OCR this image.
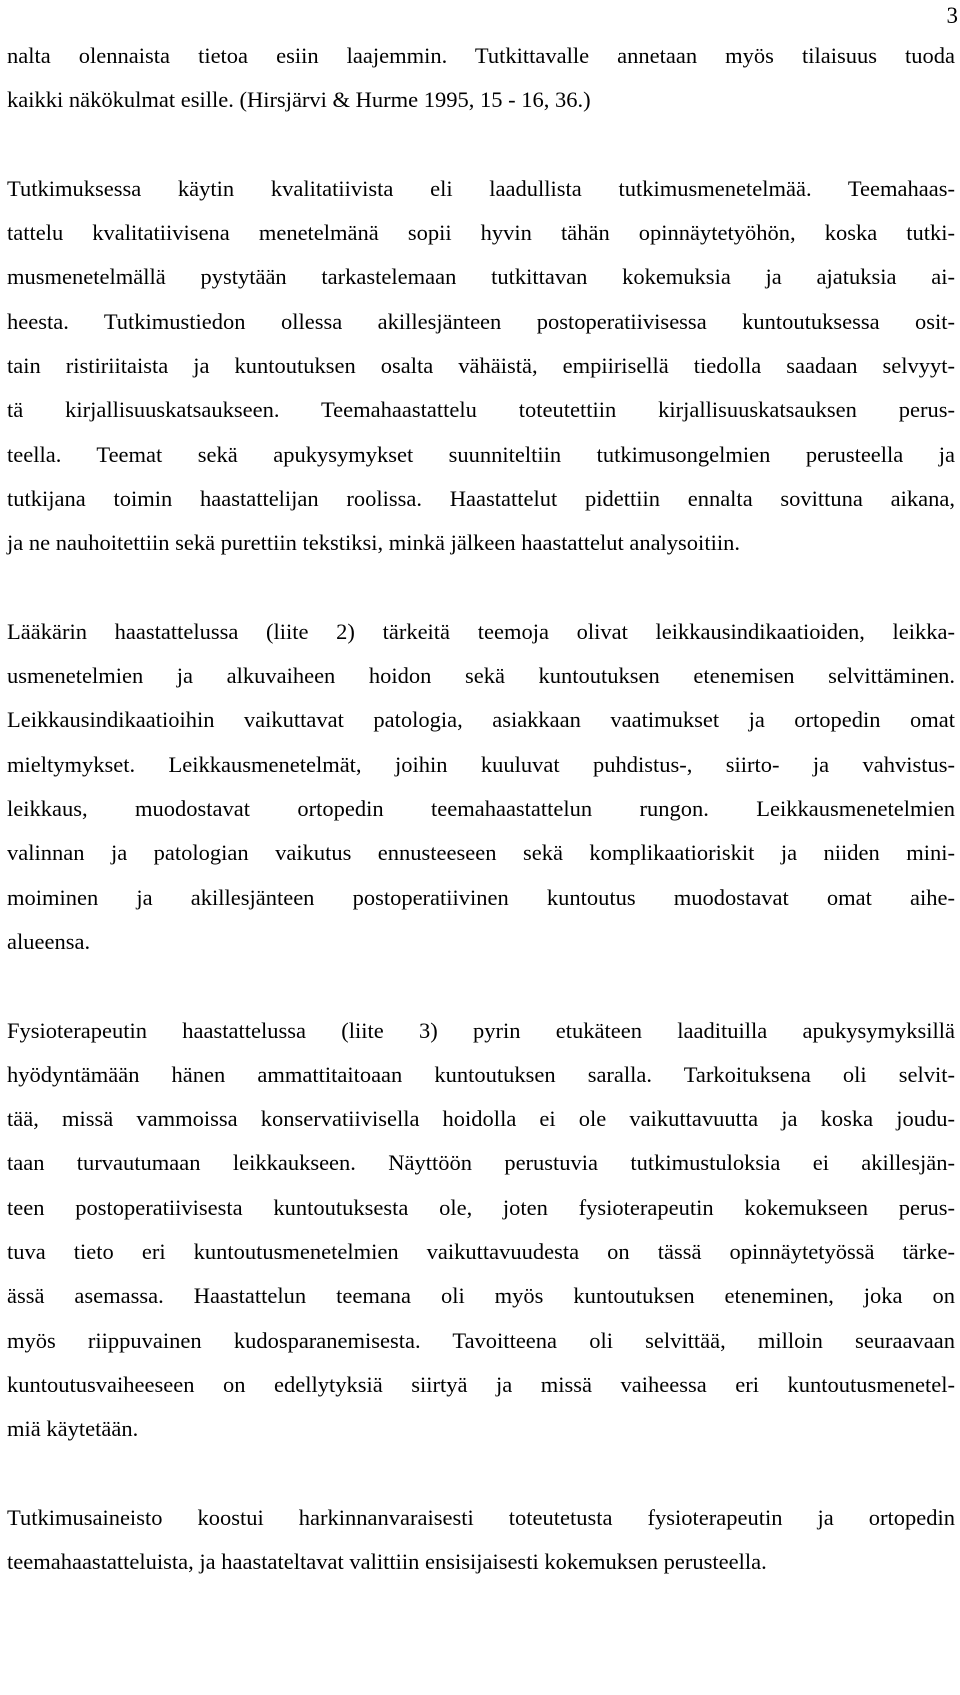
3
nalta olennaista tietoa esiin laajemmin. Tutkittavalle annetaan myös tilaisuus tuoda
kaikki näkökulmat esille. (Hirsjärvi & Hurme 1995, 15 - 16, 36.)
Tutkimuksessa käytin kvalitatiivista eli laadullista tutkimusmenetelmää. Teemahaas-
tattelu kvalitatiivisena menetelmänä sopii hyvin tähän opinnäytetyöhön, koska tutki-
musmenetelmällä pystytään tarkastelemaan tutkittavan kokemuksia ja ajatuksia ai-
heesta. Tutkimustiedon ollessa akillesjänteen postoperatiivisessa kuntoutuksessa osit-
tain ristiriitaista ja kuntoutuksen osalta vähäistä, empiirisellä tiedolla saadaan selvyyt-
tä kirjallisuuskatsaukseen. Teemahaastattelu toteutettiin kirjallisuuskatsauksen perus-
teella. Teemat sekä apukysymykset suunniteltiin tutkimusongelmien perusteella ja
tutkijana toimin haastattelijan roolissa. Haastattelut pidettiin ennalta sovittuna aikana,
ja ne nauhoitettiin sekä purettiin tekstiksi, minkä jälkeen haastattelut analysoitiin.
Lääkärin haastattelussa (liite 2) tärkeitä teemoja olivat leikkausindikaatioiden, leikka-
usmenetelmien ja alkuvaiheen hoidon sekä kuntoutuksen etenemisen selvittäminen.
Leikkausindikaatioihin vaikuttavat patologia, asiakkaan vaatimukset ja ortopedin omat
mieltymykset. Leikkausmenetelmät, joihin kuuluvat puhdistus-, siirto- ja vahvistus-
leikkaus, muodostavat ortopedin teemahaastattelun rungon. Leikkausmenetelmien
valinnan ja patologian vaikutus ennusteeseen sekä komplikaatioriskit ja niiden mini-
moiminen ja akillesjänteen postoperatiivinen kuntoutus muodostavat omat aihe-
alueensa.
Fysioterapeutin haastattelussa (liite 3) pyrin etukäteen laadituilla apukysymyksillä
hyödyntämään hänen ammattitaitoaan kuntoutuksen saralla. Tarkoituksena oli selvit-
tää, missä vammoissa konservatiivisella hoidolla ei ole vaikuttavuutta ja koska joudu-
taan turvautumaan leikkaukseen. Näyttöön perustuvia tutkimustuloksia ei akillesjän-
teen postoperatiivisesta kuntoutuksesta ole, joten fysioterapeutin kokemukseen perus-
tuva tieto eri kuntoutusmenetelmien vaikuttavuudesta on tässä opinnäytetyössä tärke-
ässä asemassa. Haastattelun teemana oli myös kuntoutuksen eteneminen, joka on
myös riippuvainen kudosparanemisesta. Tavoitteena oli selvittää, milloin seuraavaan
kuntoutusvaiheeseen on edellytyksiä siirtyä ja missä vaiheessa eri kuntoutusmenetel-
miä käytetään.
Tutkimusaineisto koostui harkinnanvaraisesti toteutetusta fysioterapeutin ja ortopedin
teemahaastatteluista, ja haastateltavat valittiin ensisijaisesti kokemuksen perusteella.
